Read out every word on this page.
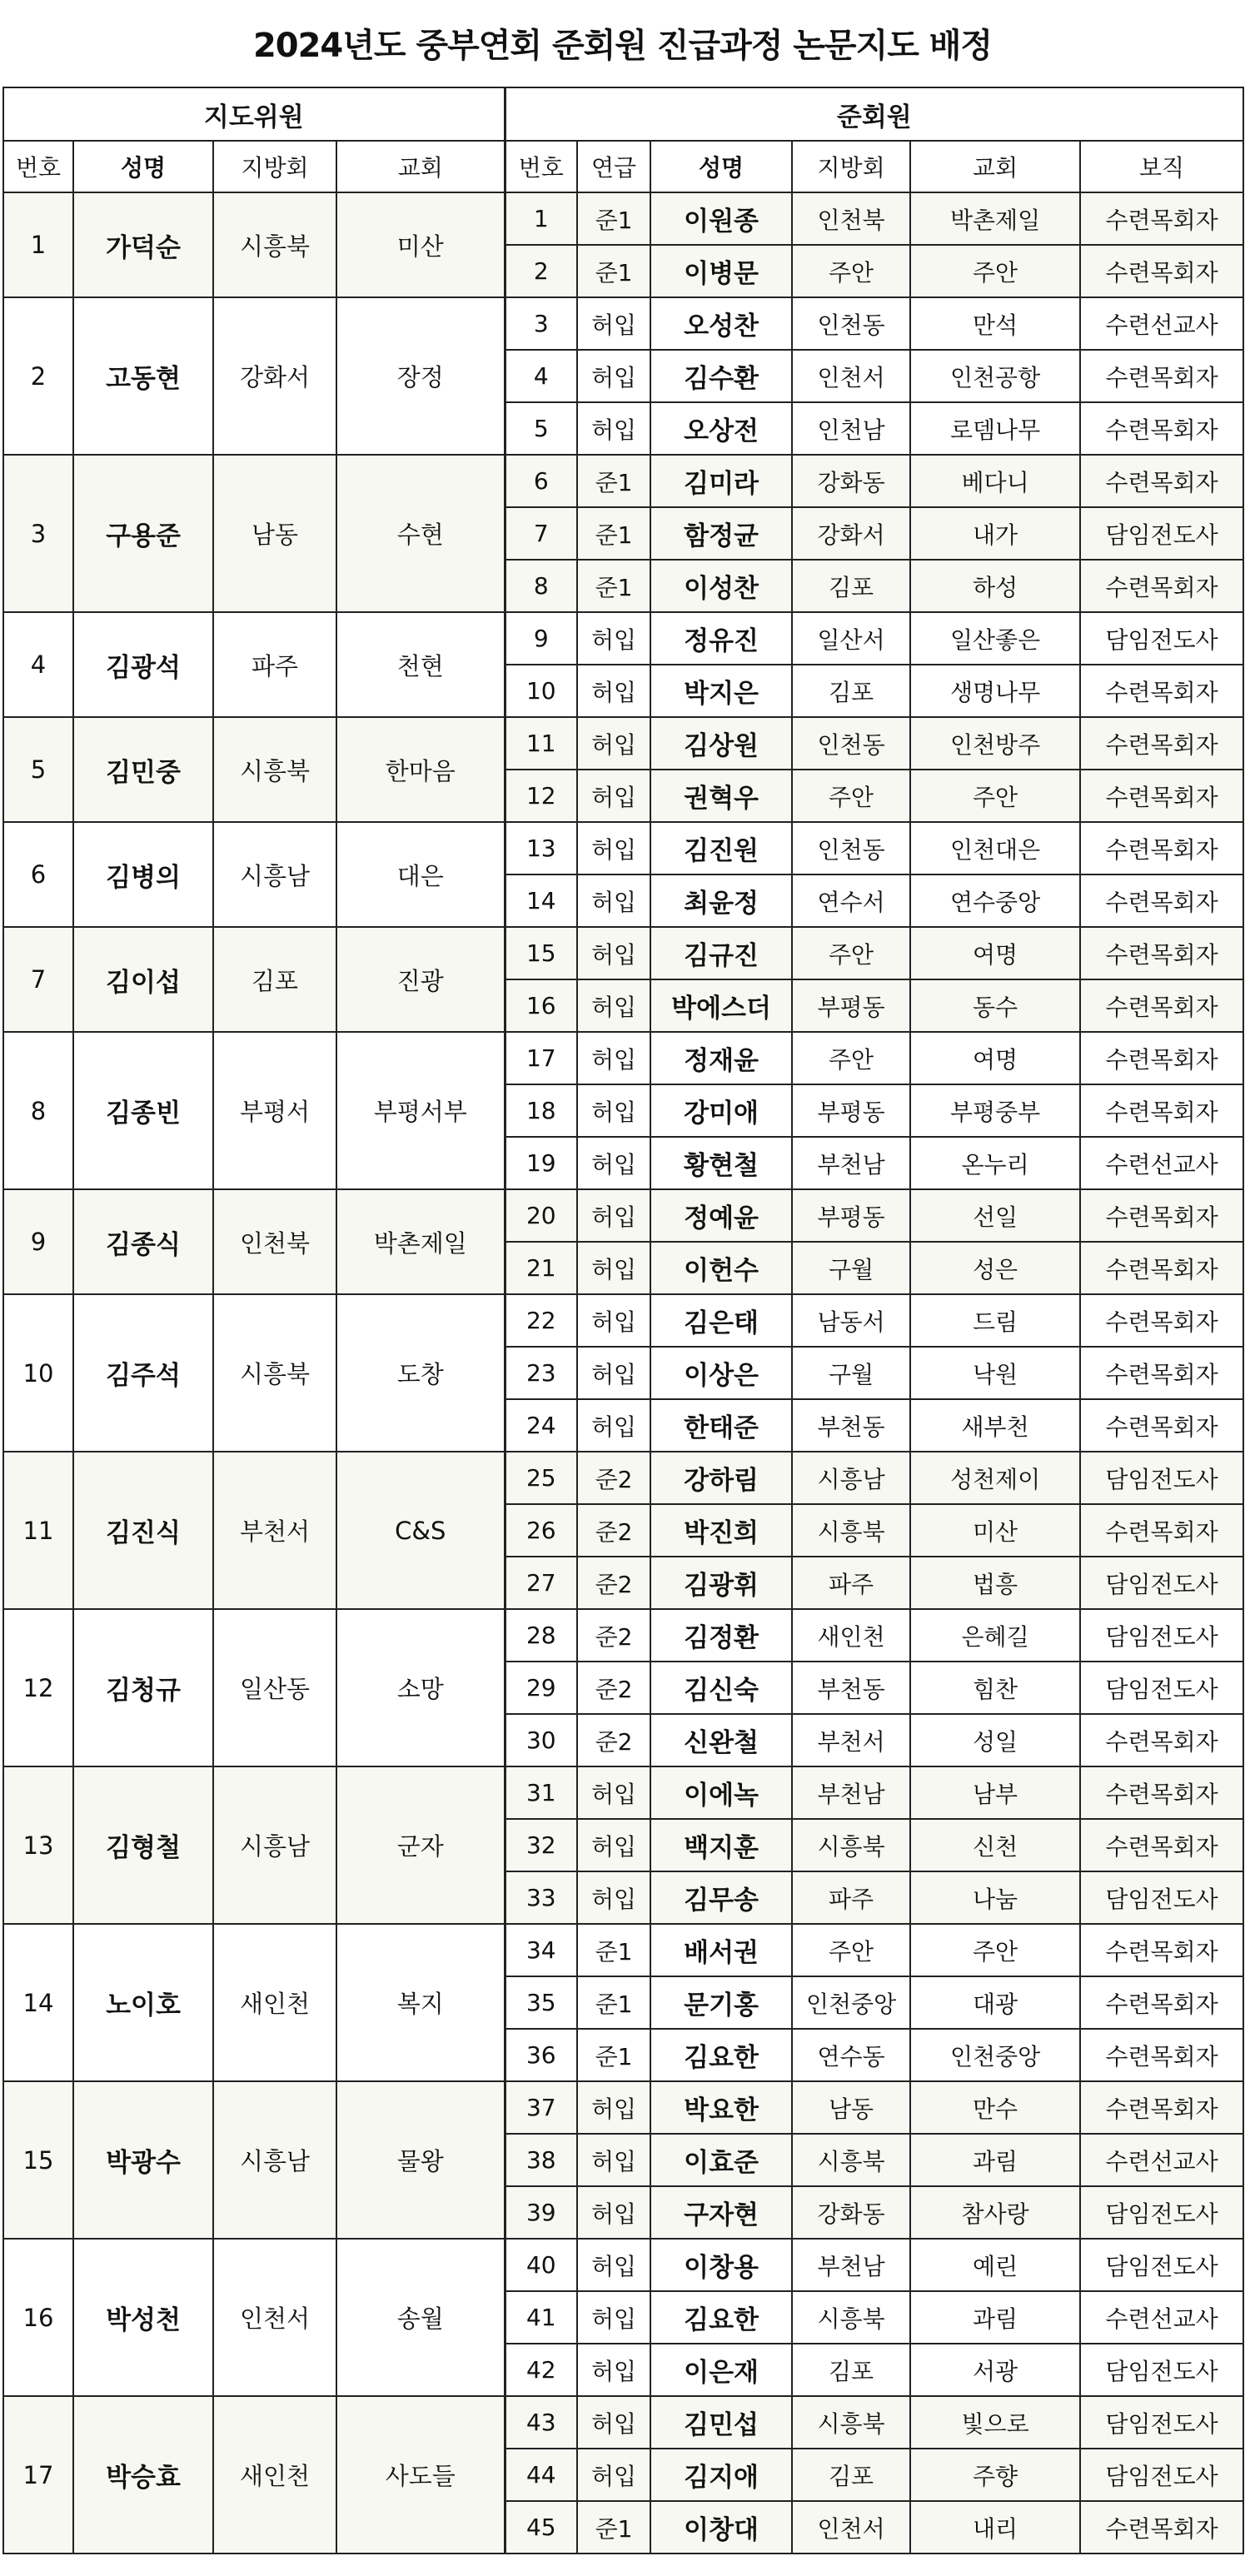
2024년도 중부연회 준회원 진급과정 논문지도 배정
지도위원				준회원					
번호	성명	지방회	교회	번호	연급	성명	지방회	교회	보직
1	가덕순	시흥북	미산	1	준1	이원종	인천북	박촌제일	수련목회자
				2	준1	이병문	주안	주안	수련목회자
2	고동현	강화서	장정	3	허입	오성찬	인천동	만석	수련선교사
				4	허입	김수환	인천서	인천공항	수련목회자
				5	허입	오상전	인천남	로뎀나무	수련목회자
3	구용준	남동	수현	6	준1	김미라	강화동	베다니	수련목회자
				7	준1	함정균	강화서	내가	담임전도사
				8	준1	이성찬	김포	하성	수련목회자
4	김광석	파주	천현	9	허입	정유진	일산서	일산좋은	담임전도사
				10	허입	박지은	김포	생명나무	수련목회자
5	김민중	시흥북	한마음	11	허입	김상원	인천동	인천방주	수련목회자
				12	허입	권혁우	주안	주안	수련목회자
6	김병의	시흥남	대은	13	허입	김진원	인천동	인천대은	수련목회자
				14	허입	최윤정	연수서	연수중앙	수련목회자
7	김이섭	김포	진광	15	허입	김규진	주안	여명	수련목회자
				16	허입	박에스더	부평동	동수	수련목회자
8	김종빈	부평서	부평서부	17	허입	정재윤	주안	여명	수련목회자
				18	허입	강미애	부평동	부평중부	수련목회자
				19	허입	황현철	부천남	온누리	수련선교사
9	김종식	인천북	박촌제일	20	허입	정예윤	부평동	선일	수련목회자
				21	허입	이헌수	구월	성은	수련목회자
10	김주석	시흥북	도창	22	허입	김은태	남동서	드림	수련목회자
				23	허입	이상은	구월	낙원	수련목회자
				24	허입	한태준	부천동	새부천	수련목회자
11	김진식	부천서	C&S	25	준2	강하림	시흥남	성천제이	담임전도사
				26	준2	박진희	시흥북	미산	수련목회자
				27	준2	김광휘	파주	법흥	담임전도사
12	김청규	일산동	소망	28	준2	김정환	새인천	은혜길	담임전도사
				29	준2	김신숙	부천동	힘찬	담임전도사
				30	준2	신완철	부천서	성일	수련목회자
13	김형철	시흥남	군자	31	허입	이에녹	부천남	남부	수련목회자
				32	허입	백지훈	시흥북	신천	수련목회자
				33	허입	김무송	파주	나눔	담임전도사
14	노이호	새인천	복지	34	준1	배서권	주안	주안	수련목회자
				35	준1	문기홍	인천중앙	대광	수련목회자
				36	준1	김요한	연수동	인천중앙	수련목회자
15	박광수	시흥남	물왕	37	허입	박요한	남동	만수	수련목회자
				38	허입	이효준	시흥북	과림	수련선교사
				39	허입	구자현	강화동	참사랑	담임전도사
16	박성천	인천서	송월	40	허입	이창용	부천남	예린	담임전도사
				41	허입	김요한	시흥북	과림	수련선교사
				42	허입	이은재	김포	서광	담임전도사
17	박승효	새인천	사도들	43	허입	김민섭	시흥북	빛으로	담임전도사
				44	허입	김지애	김포	주향	담임전도사
				45	준1	이창대	인천서	내리	수련목회자
